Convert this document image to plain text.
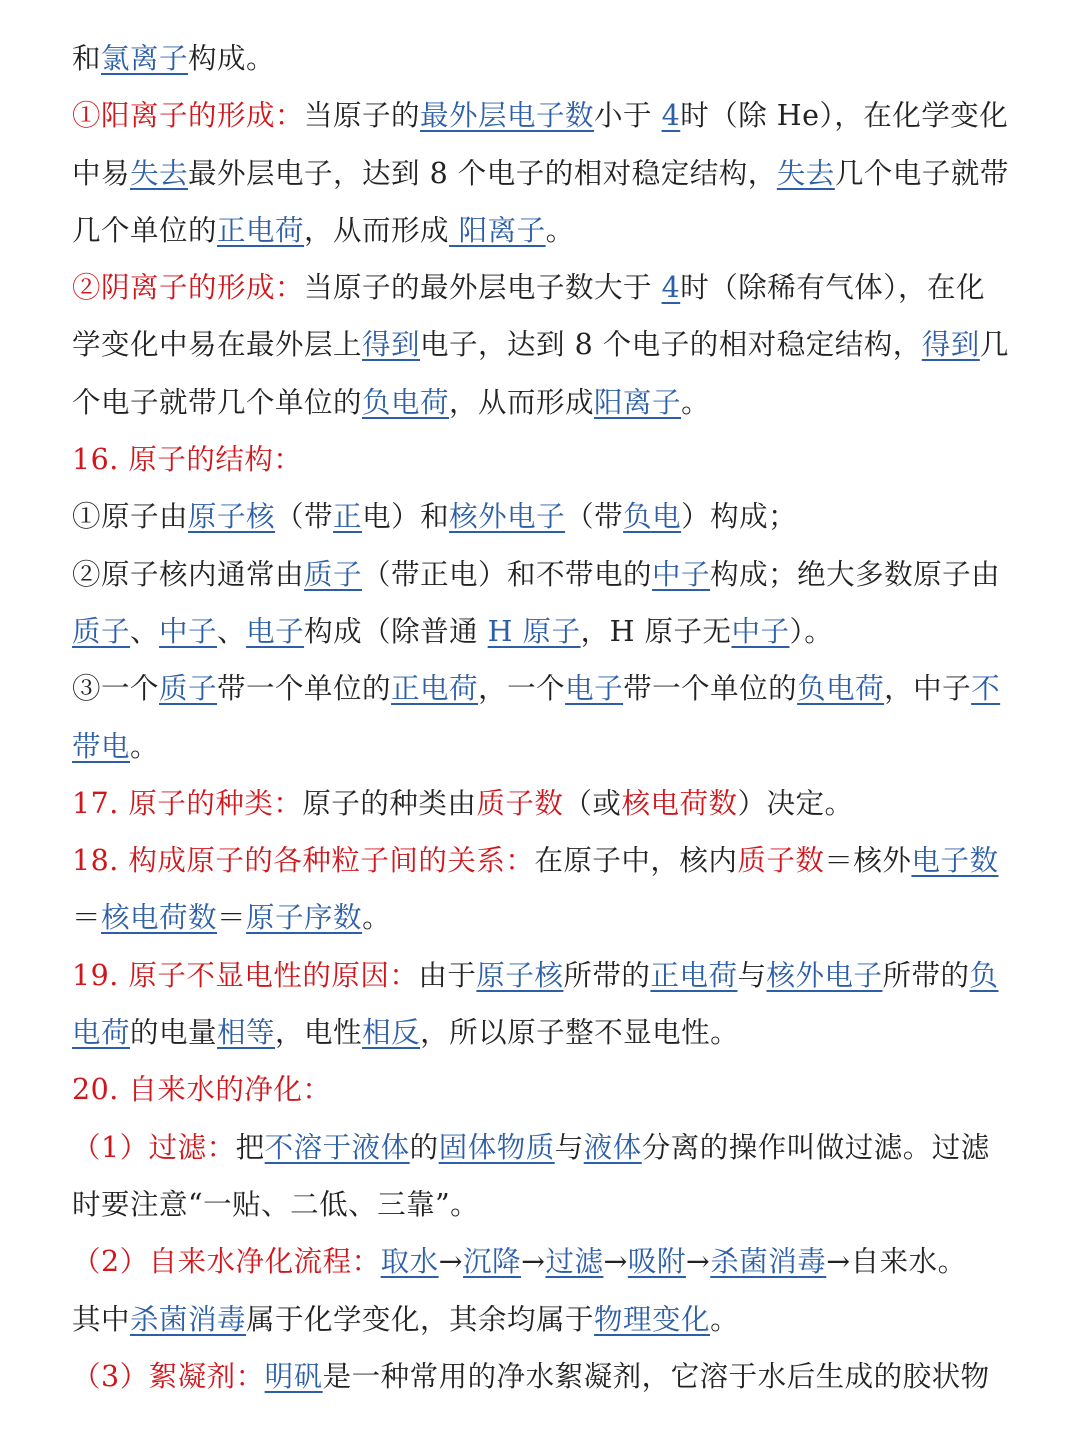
和氯离子构成。
①阳离子的形成：当原子的最外层电子数小于 4时（除 He），在化学变化
中易失去最外层电子，达到 8 个电子的相对稳定结构，失去几个电子就带
几个单位的正电荷，从而形成 阳离子。
②阴离子的形成：当原子的最外层电子数大于 4时（除稀有气体），在化
学变化中易在最外层上得到电子，达到 8 个电子的相对稳定结构，得到几
个电子就带几个单位的负电荷，从而形成阳离子。
16. 原子的结构：
①原子由原子核（带正电）和核外电子（带负电）构成；
②原子核内通常由质子（带正电）和不带电的中子构成；绝大多数原子由
质子、中子、电子构成（除普通 H 原子，H 原子无中子）。
③一个质子带一个单位的正电荷，一个电子带一个单位的负电荷，中子不
带电。
17. 原子的种类：原子的种类由质子数（或核电荷数）决定。
18. 构成原子的各种粒子间的关系：在原子中，核内质子数＝核外电子数
＝核电荷数＝原子序数。
19. 原子不显电性的原因：由于原子核所带的正电荷与核外电子所带的负
电荷的电量相等，电性相反，所以原子整不显电性。
20. 自来水的净化：
（1）过滤：把不溶于液体的固体物质与液体分离的操作叫做过滤。过滤
时要注意“一贴、二低、三靠”。
（2）自来水净化流程：取水→沉降→过滤→吸附→杀菌消毒→自来水。
其中杀菌消毒属于化学变化，其余均属于物理变化。
（3）絮凝剂：明矾是一种常用的净水絮凝剂，它溶于水后生成的胶状物
